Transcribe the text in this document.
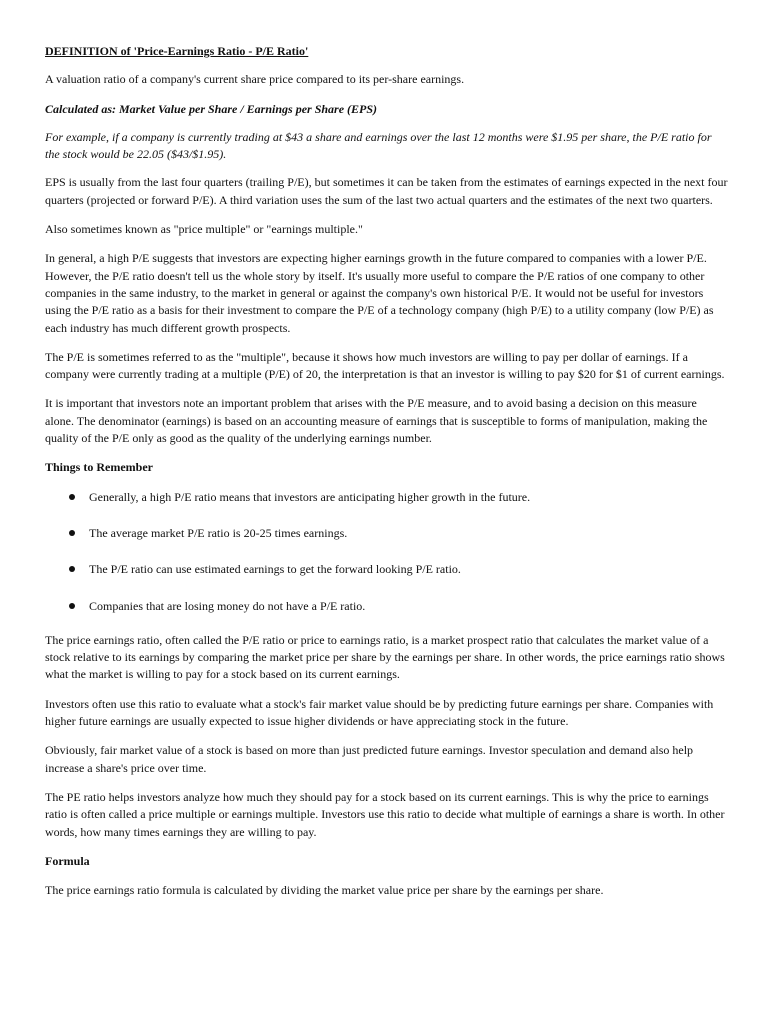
DEFINITION of 'Price-Earnings Ratio - P/E Ratio'

A valuation ratio of a company's current share price compared to its per-share earnings.

Calculated as: Market Value per Share / Earnings per Share (EPS)

For example, if a company is currently trading at $43 a share and earnings over the last 12 months were $1.95 per share, the P/E ratio for the stock would be 22.05 ($43/$1.95).

EPS is usually from the last four quarters (trailing P/E), but sometimes it can be taken from the estimates of earnings expected in the next four quarters (projected or forward P/E). A third variation uses the sum of the last two actual quarters and the estimates of the next two quarters.

Also sometimes known as "price multiple" or "earnings multiple."

In general, a high P/E suggests that investors are expecting higher earnings growth in the future compared to companies with a lower P/E. However, the P/E ratio doesn't tell us the whole story by itself. It's usually more useful to compare the P/E ratios of one company to other companies in the same industry, to the market in general or against the company's own historical P/E. It would not be useful for investors using the P/E ratio as a basis for their investment to compare the P/E of a technology company (high P/E) to a utility company (low P/E) as each industry has much different growth prospects.

The P/E is sometimes referred to as the "multiple", because it shows how much investors are willing to pay per dollar of earnings. If a company were currently trading at a multiple (P/E) of 20, the interpretation is that an investor is willing to pay $20 for $1 of current earnings.

It is important that investors note an important problem that arises with the P/E measure, and to avoid basing a decision on this measure alone. The denominator (earnings) is based on an accounting measure of earnings that is susceptible to forms of manipulation, making the quality of the P/E only as good as the quality of the underlying earnings number.

Things to Remember

Generally, a high P/E ratio means that investors are anticipating higher growth in the future.
The average market P/E ratio is 20-25 times earnings.
The P/E ratio can use estimated earnings to get the forward looking P/E ratio.
Companies that are losing money do not have a P/E ratio.

The price earnings ratio, often called the P/E ratio or price to earnings ratio, is a market prospect ratio that calculates the market value of a stock relative to its earnings by comparing the market price per share by the earnings per share. In other words, the price earnings ratio shows what the market is willing to pay for a stock based on its current earnings.

Investors often use this ratio to evaluate what a stock's fair market value should be by predicting future earnings per share. Companies with higher future earnings are usually expected to issue higher dividends or have appreciating stock in the future.

Obviously, fair market value of a stock is based on more than just predicted future earnings. Investor speculation and demand also help increase a share's price over time.

The PE ratio helps investors analyze how much they should pay for a stock based on its current earnings. This is why the price to earnings ratio is often called a price multiple or earnings multiple. Investors use this ratio to decide what multiple of earnings a share is worth. In other words, how many times earnings they are willing to pay.

Formula

The price earnings ratio formula is calculated by dividing the market value price per share by the earnings per share.
